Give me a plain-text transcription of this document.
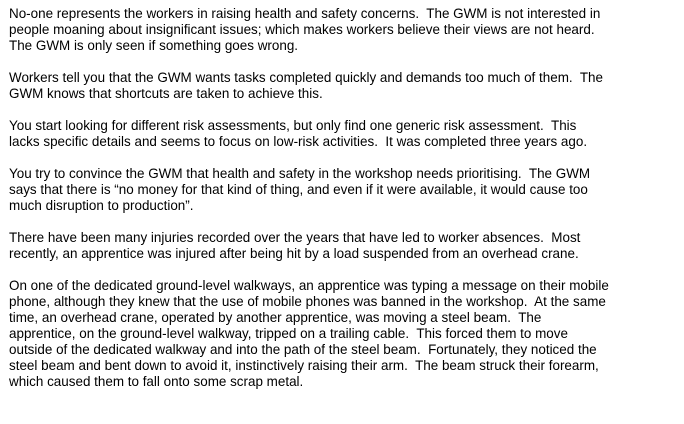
No-one represents the workers in raising health and safety concerns.  The GWM is not interested in
people moaning about insignificant issues; which makes workers believe their views are not heard.
The GWM is only seen if something goes wrong.

Workers tell you that the GWM wants tasks completed quickly and demands too much of them.  The
GWM knows that shortcuts are taken to achieve this.

You start looking for different risk assessments, but only find one generic risk assessment.  This
lacks specific details and seems to focus on low-risk activities.  It was completed three years ago.

You try to convince the GWM that health and safety in the workshop needs prioritising.  The GWM
says that there is “no money for that kind of thing, and even if it were available, it would cause too
much disruption to production”.

There have been many injuries recorded over the years that have led to worker absences.  Most
recently, an apprentice was injured after being hit by a load suspended from an overhead crane.

On one of the dedicated ground-level walkways, an apprentice was typing a message on their mobile
phone, although they knew that the use of mobile phones was banned in the workshop.  At the same
time, an overhead crane, operated by another apprentice, was moving a steel beam.  The
apprentice, on the ground-level walkway, tripped on a trailing cable.  This forced them to move
outside of the dedicated walkway and into the path of the steel beam.  Fortunately, they noticed the
steel beam and bent down to avoid it, instinctively raising their arm.  The beam struck their forearm,
which caused them to fall onto some scrap metal.
